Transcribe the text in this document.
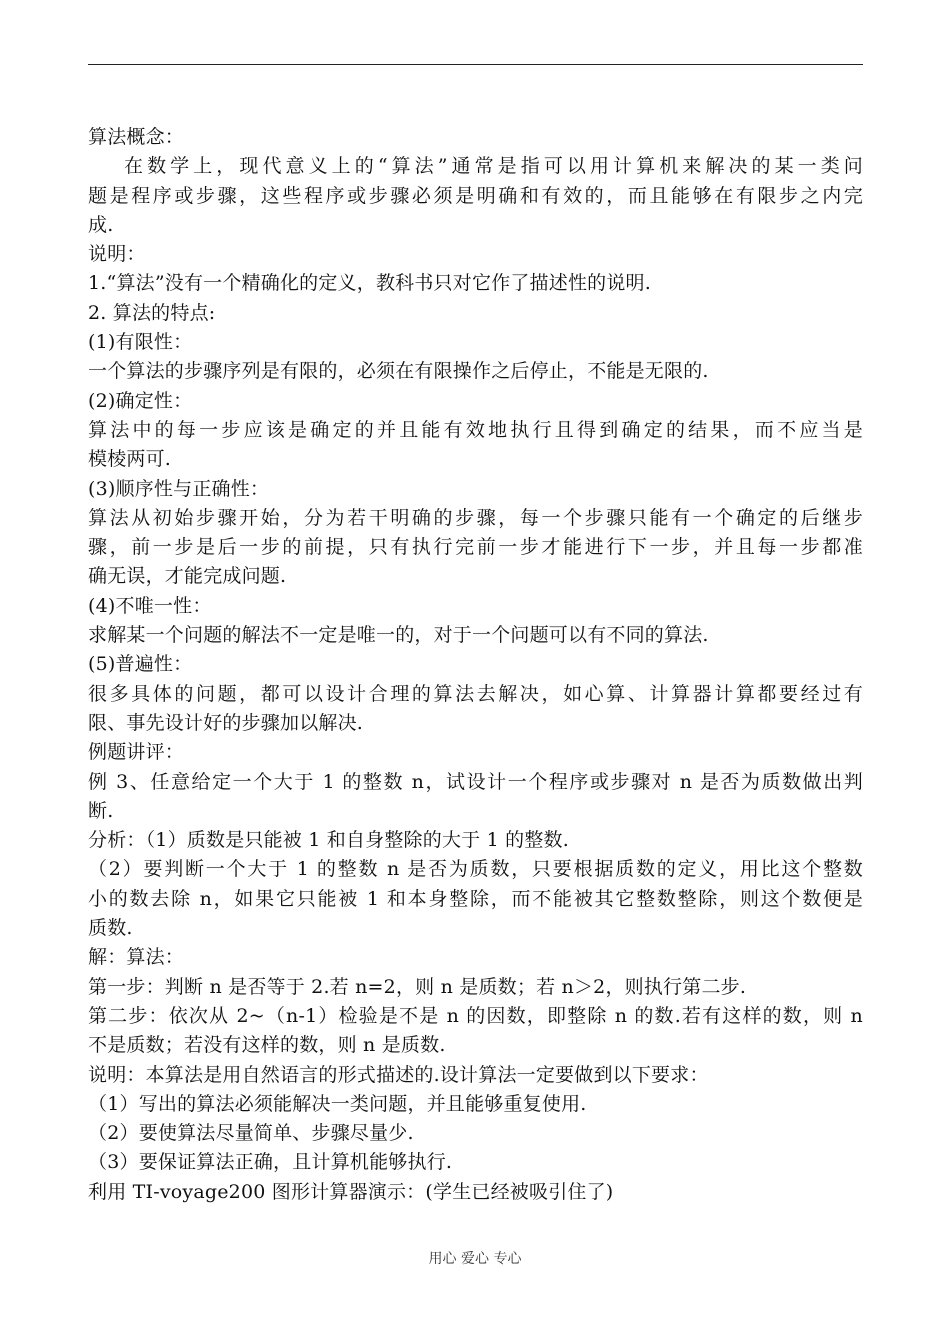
算法概念：
在数学上，现代意义上的“算法”通常是指可以用计算机来解决的某一类问
题是程序或步骤，这些程序或步骤必须是明确和有效的，而且能够在有限步之内完
成.
说明：
1.“算法”没有一个精确化的定义，教科书只对它作了描述性的说明.
2. 算法的特点:
(1)有限性：
一个算法的步骤序列是有限的，必须在有限操作之后停止，不能是无限的.
(2)确定性：
算法中的每一步应该是确定的并且能有效地执行且得到确定的结果，而不应当是
模棱两可.
(3)顺序性与正确性：
算法从初始步骤开始，分为若干明确的步骤，每一个步骤只能有一个确定的后继步
骤，前一步是后一步的前提，只有执行完前一步才能进行下一步，并且每一步都准
确无误，才能完成问题.
(4)不唯一性：
求解某一个问题的解法不一定是唯一的，对于一个问题可以有不同的算法.
(5)普遍性：
很多具体的问题，都可以设计合理的算法去解决，如心算、计算器计算都要经过有
限、事先设计好的步骤加以解决.
例题讲评：
例 3、任意给定一个大于 1 的整数 n，试设计一个程序或步骤对 n 是否为质数做出判
断.
分析：（1）质数是只能被 1 和自身整除的大于 1 的整数.
（2）要判断一个大于 1 的整数 n 是否为质数，只要根据质数的定义，用比这个整数
小的数去除 n，如果它只能被 1 和本身整除，而不能被其它整数整除，则这个数便是
质数.
解：算法：
第一步：判断 n 是否等于 2.若 n=2，则 n 是质数；若 n＞2，则执行第二步.
第二步：依次从 2~（n-1）检验是不是 n 的因数，即整除 n 的数.若有这样的数，则 n
不是质数；若没有这样的数，则 n 是质数.
说明：本算法是用自然语言的形式描述的.设计算法一定要做到以下要求：
（1）写出的算法必须能解决一类问题，并且能够重复使用.
（2）要使算法尽量简单、步骤尽量少.
（3）要保证算法正确，且计算机能够执行.
利用 TI-voyage200 图形计算器演示：(学生已经被吸引住了)
用心 爱心 专心
